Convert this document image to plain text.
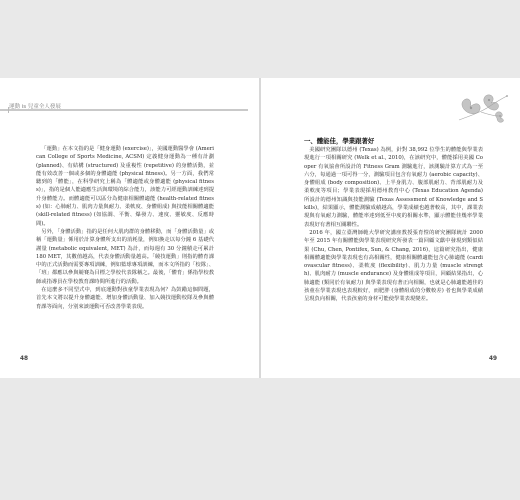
運動 is 兒童全人發展

「運動」在本文指的是「健身運動 (exercise)」，美國運動醫學會 (American College of Sports Medicine, ACSM) 定義健身運動為一種有計劃 (planned)、有結構 (structured) 及重複性 (repetitive) 的身體活動，並能有效改善一個或多個的身體適能 (physical fitness)。另一方面，我們常聽到的「體能」，在科學研究上稱為「體適能或身體適能 (physical fitness)」，指的是個人能適應生活與環境的綜合能力，該能力可經運動訓練達到提升身體能力。而體適能可以區分為健康相關體適能 (health-related fitness) (如：心肺耐力、肌肉力量與耐力、柔軟度、身體組成) 與技能相關體適能 (skill-related fitness) (如協調、平衡、爆發力、速度、靈敏度、反應時間)。

另外，「身體活動」指的是任何大肌肉群的身體移動，而「身體活動量」或稱「運動量」係用於計算身體所支出的消耗量，例如換走以每分鐘 6 基礎代謝量 (metabolic equivalent, MET) 為計，而每週有 30 分鐘積走可累計 180 MET，其數值越高，代表身體活動量越高。「競技運動」則指的體育課中的正式活動而需要專項訓練，例如籃球專項訓練，而本文所指的「校隊」、「班」都應以參與競賽為目標之學校代表隊稱之。最後，「體育」係指學校教師或指導員在學校教育課時間所進行的活動。

在這麼多不同型式中，到底運動對孩童學業表現為何？為鼓勵這個問題，首先本文將以提升身體適能、增加身體活動量、加入競技運動校隊及參與體育課等面向，分別來談運動可否改善學業表現。

48
一、體能佳，學業跟著好

美國研究團隊以德州 (Texas) 為例，針對 38,992 位學生的體能與學業表現進行一項相關研究 (Welk et al., 2010)，在該研究中，體能採用美國 Cooper 有氧協會所設計的 Fitness Gram 測驗進行，該測驗計算方式為一至六分，每通過一項可得一分，測驗項目包含有氧耐力 (aerobic capacity)、身體組成 (body composition)、上半身肌力、腹部肌耐力、背部肌耐力及柔軟度等項目；學業表現採用德州教育中心 (Texas Education Agenda) 所設計的德州知識與技能測驗 (Texas Assessment of Knowledge and Skills)，結果顯示，體能測驗成績越高，學業成績也越著較高，其中，課業表現與有氧耐力測驗，體能率達到低至中度的相關水準，顯示體能佳幾率學業表現好有著相互關聯性。

2016 年，國立臺灣師範大學研究講座教授張育愷的研究團隊統計 2000 年至 2015 年有關體能與學業表現研究所發表一篇回顧文獻中發現到類似結果 (Chu, Chen, Pontifex, Sun, & Chang, 2016)，這篇研究指出，健康相關體適能與學業表現也有高相關性，健康相關體適能包含心肺適能 (cardiovascular fitness)、柔軟度 (flexibility)、肌力力量 (muscle strength)、肌肉耐力 (muscle endurance) 及身體組成等項目，回顧結果指出，心肺適能 (類同於有氧耐力) 與學業表現有著正向相關，也就是心肺適能越佳的孩童在學業表現也表現較好，而肥胖 (身體組成的分數較差) 者也與學業成績呈現負向相關，代表孩童的身材可能使學業表現變差。

49
